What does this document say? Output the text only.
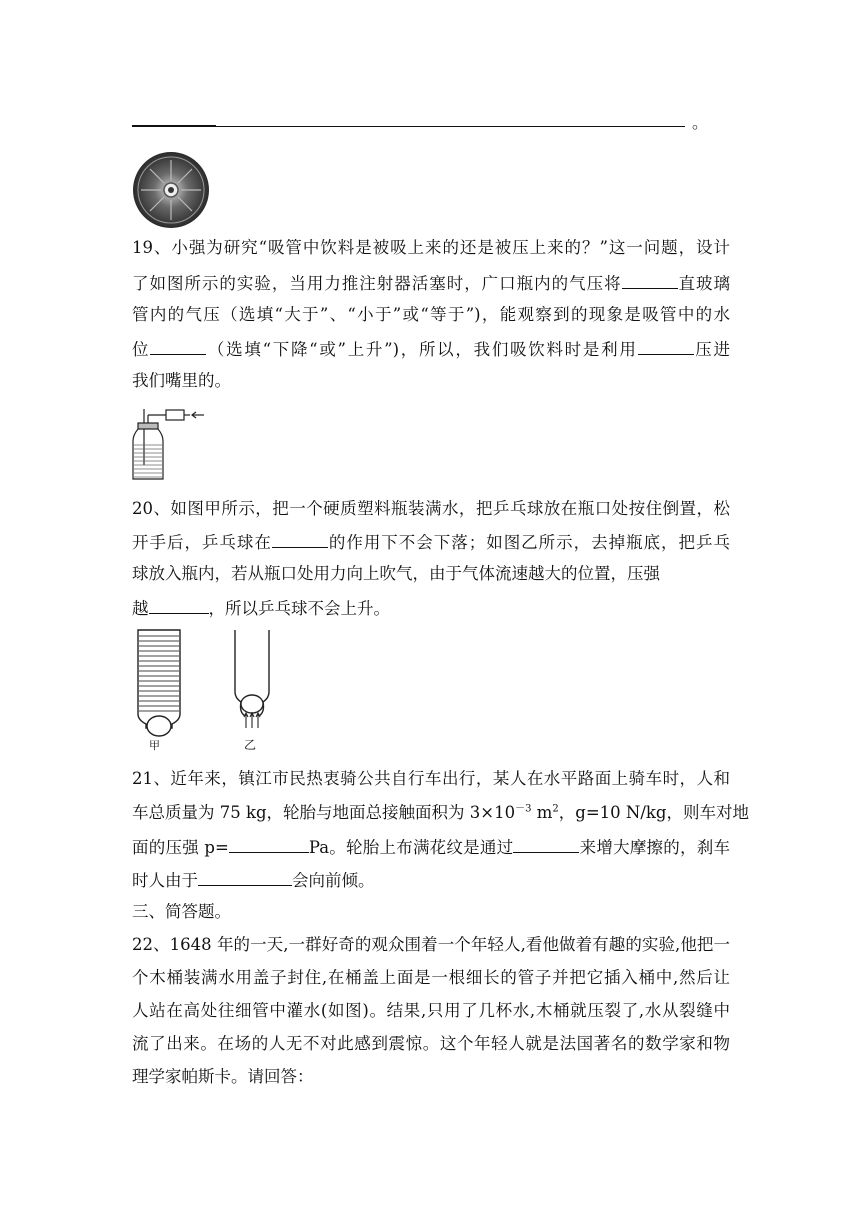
。
19、小强为研究“吸管中饮料是被吸上来的还是被压上来的？”这一问题，设计
了如图所示的实验，当用力推注射器活塞时，广口瓶内的气压将	直玻璃
管内的气压（选填“大于”、“小于”或“等于”)，能观察到的现象是吸管中的水
位	（选填“下降“或”上升”)，所以，我们吸饮料时是利用	压进
我们嘴里的。
20、如图甲所示，把一个硬质塑料瓶装满水，把乒乓球放在瓶口处按住倒置，松
开手后，乒乓球在	的作用下不会下落；如图乙所示，去掉瓶底，把乒乓
球放入瓶内，若从瓶口处用力向上吹气，由于气体流速越大的位置，压强
越	，所以乒乓球不会上升。
甲	乙
21、近年来，镇江市民热衷骑公共自行车出行，某人在水平路面上骑车时，人和
车总质量为 75 kg，轮胎与地面总接触面积为 $3\times 10^{-3}$ $m^2$，g=10 N/kg，则车对地
面的压强 p=	Pa。轮胎上布满花纹是通过	来增大摩擦的，刹车
时人由于	会向前倾。
三、简答题。
22、1648 年的一天,一群好奇的观众围着一个年轻人,看他做着有趣的实验,他把一
个木桶装满水用盖子封住,在桶盖上面是一根细长的管子并把它插入桶中,然后让
人站在高处往细管中灌水(如图)。结果,只用了几杯水,木桶就压裂了,水从裂缝中
流了出来。在场的人无不对此感到震惊。这个年轻人就是法国著名的数学家和物
理学家帕斯卡。请回答：
